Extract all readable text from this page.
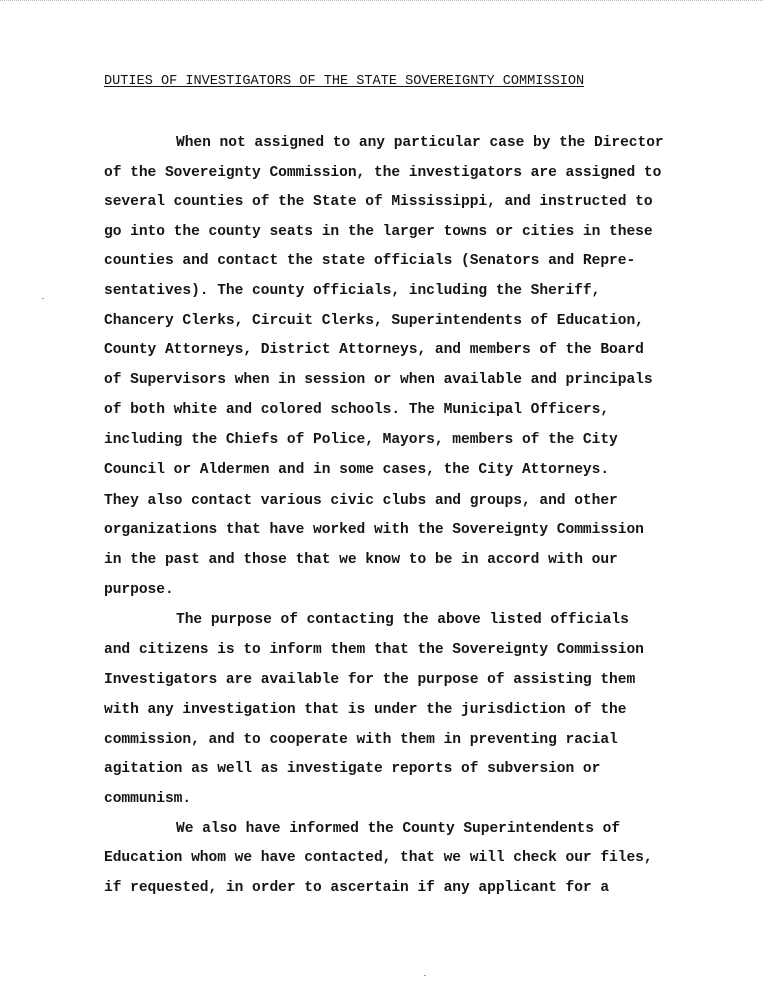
DUTIES OF INVESTIGATORS OF THE STATE SOVEREIGNTY COMMISSION
When not assigned to any particular case by the Director
of the Sovereignty Commission, the investigators are assigned to
several counties of the State of Mississippi, and instructed to
go into the county seats in the larger towns or cities in these
counties and contact the state officials (Senators and Repre-
sentatives). The county officials, including the Sheriff,
Chancery Clerks, Circuit Clerks, Superintendents of Education,
County Attorneys, District Attorneys, and members of the Board
of Supervisors when in session or when available and principals
of both white and colored schools. The Municipal Officers,
including the Chiefs of Police, Mayors, members of the City
Council or Aldermen and in some cases, the City Attorneys.
They also contact various civic clubs and groups, and other
organizations that have worked with the Sovereignty Commission
in the past and those that we know to be in accord with our
purpose.
The purpose of contacting the above listed officials
and citizens is to inform them that the Sovereignty Commission
Investigators are available for the purpose of assisting them
with any investigation that is under the jurisdiction of the
commission, and to cooperate with them in preventing racial
agitation as well as investigate reports of subversion or
communism.
We also have informed the County Superintendents of
Education whom we have contacted, that we will check our files,
if requested, in order to ascertain if any applicant for a
